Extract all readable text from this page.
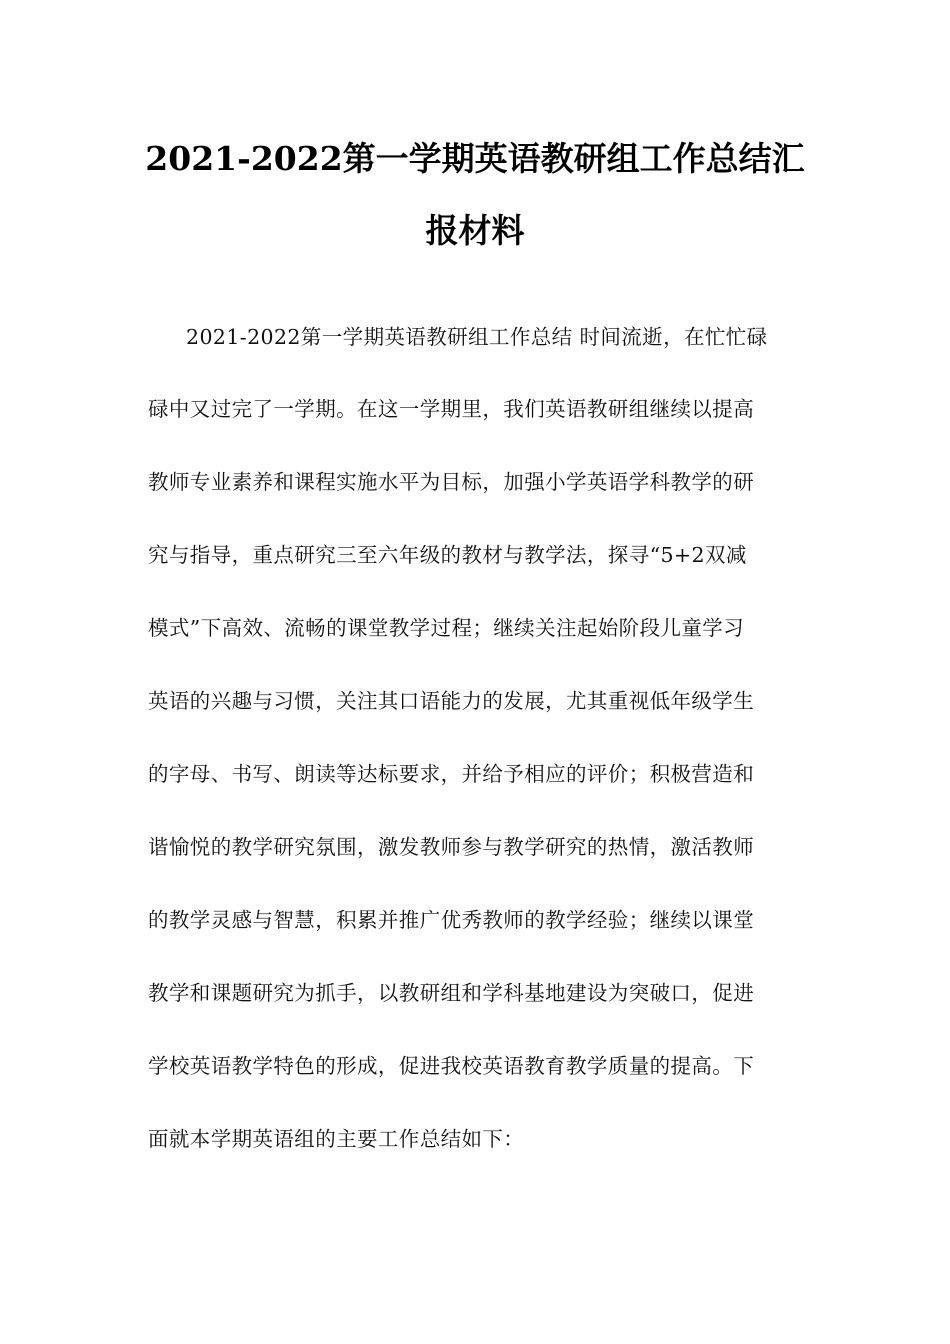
2021-2022第一学期英语教研组工作总结汇
报材料
2021-2022第一学期英语教研组工作总结 时间流逝，在忙忙碌
碌中又过完了一学期。在这一学期里，我们英语教研组继续以提高
教师专业素养和课程实施水平为目标，加强小学英语学科教学的研
究与指导，重点研究三至六年级的教材与教学法，探寻“5+2双减
模式”下高效、流畅的课堂教学过程；继续关注起始阶段儿童学习
英语的兴趣与习惯，关注其口语能力的发展，尤其重视低年级学生
的字母、书写、朗读等达标要求，并给予相应的评价；积极营造和
谐愉悦的教学研究氛围，激发教师参与教学研究的热情，激活教师
的教学灵感与智慧，积累并推广优秀教师的教学经验；继续以课堂
教学和课题研究为抓手，以教研组和学科基地建设为突破口，促进
学校英语教学特色的形成，促进我校英语教育教学质量的提高。下
面就本学期英语组的主要工作总结如下：
